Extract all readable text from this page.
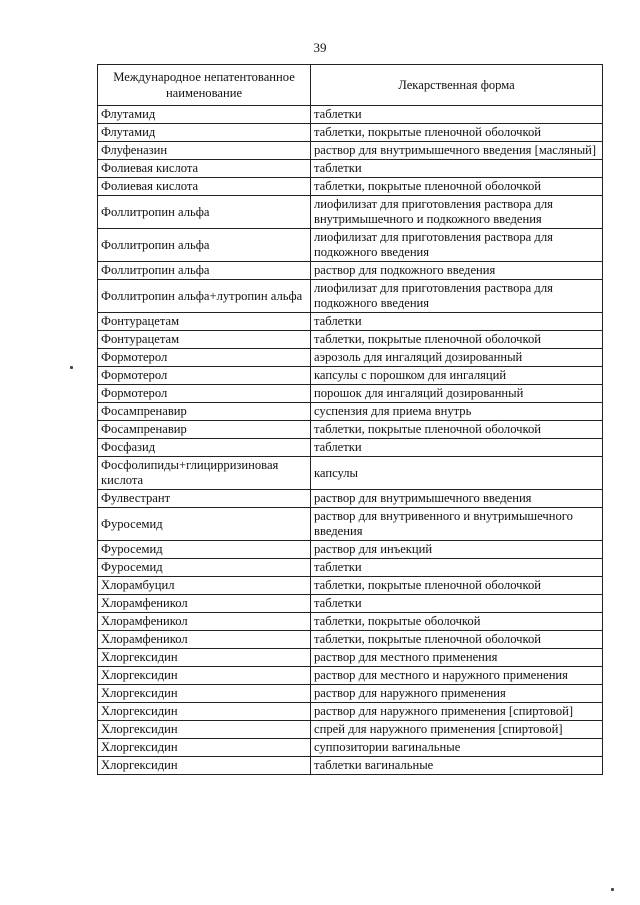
39
Международное непатентованное наименование	Лекарственная форма
Флутамид	таблетки
Флутамид	таблетки, покрытые пленочной оболочкой
Флуфеназин	раствор для внутримышечного введения [масляный]
Фолиевая кислота	таблетки
Фолиевая кислота	таблетки, покрытые пленочной оболочкой
Фоллитропин альфа	лиофилизат для приготовления раствора для внутримышечного и подкожного введения
Фоллитропин альфа	лиофилизат для приготовления раствора для подкожного введения
Фоллитропин альфа	раствор для подкожного введения
Фоллитропин альфа+лутропин альфа	лиофилизат для приготовления раствора для подкожного введения
Фонтурацетам	таблетки
Фонтурацетам	таблетки, покрытые пленочной оболочкой
Формотерол	аэрозоль для ингаляций дозированный
Формотерол	капсулы с порошком для ингаляций
Формотерол	порошок для ингаляций дозированный
Фосампренавир	суспензия для приема внутрь
Фосампренавир	таблетки, покрытые пленочной оболочкой
Фосфазид	таблетки
Фосфолипиды+глицирризиновая кислота	капсулы
Фулвестрант	раствор для внутримышечного введения
Фуросемид	раствор для внутривенного и внутримышечного введения
Фуросемид	раствор для инъекций
Фуросемид	таблетки
Хлорамбуцил	таблетки, покрытые пленочной оболочкой
Хлорамфеникол	таблетки
Хлорамфеникол	таблетки, покрытые оболочкой
Хлорамфеникол	таблетки, покрытые пленочной оболочкой
Хлоргексидин	раствор для местного применения
Хлоргексидин	раствор для местного и наружного применения
Хлоргексидин	раствор для наружного применения
Хлоргексидин	раствор для наружного применения [спиртовой]
Хлоргексидин	спрей для наружного применения [спиртовой]
Хлоргексидин	суппозитории вагинальные
Хлоргексидин	таблетки вагинальные
